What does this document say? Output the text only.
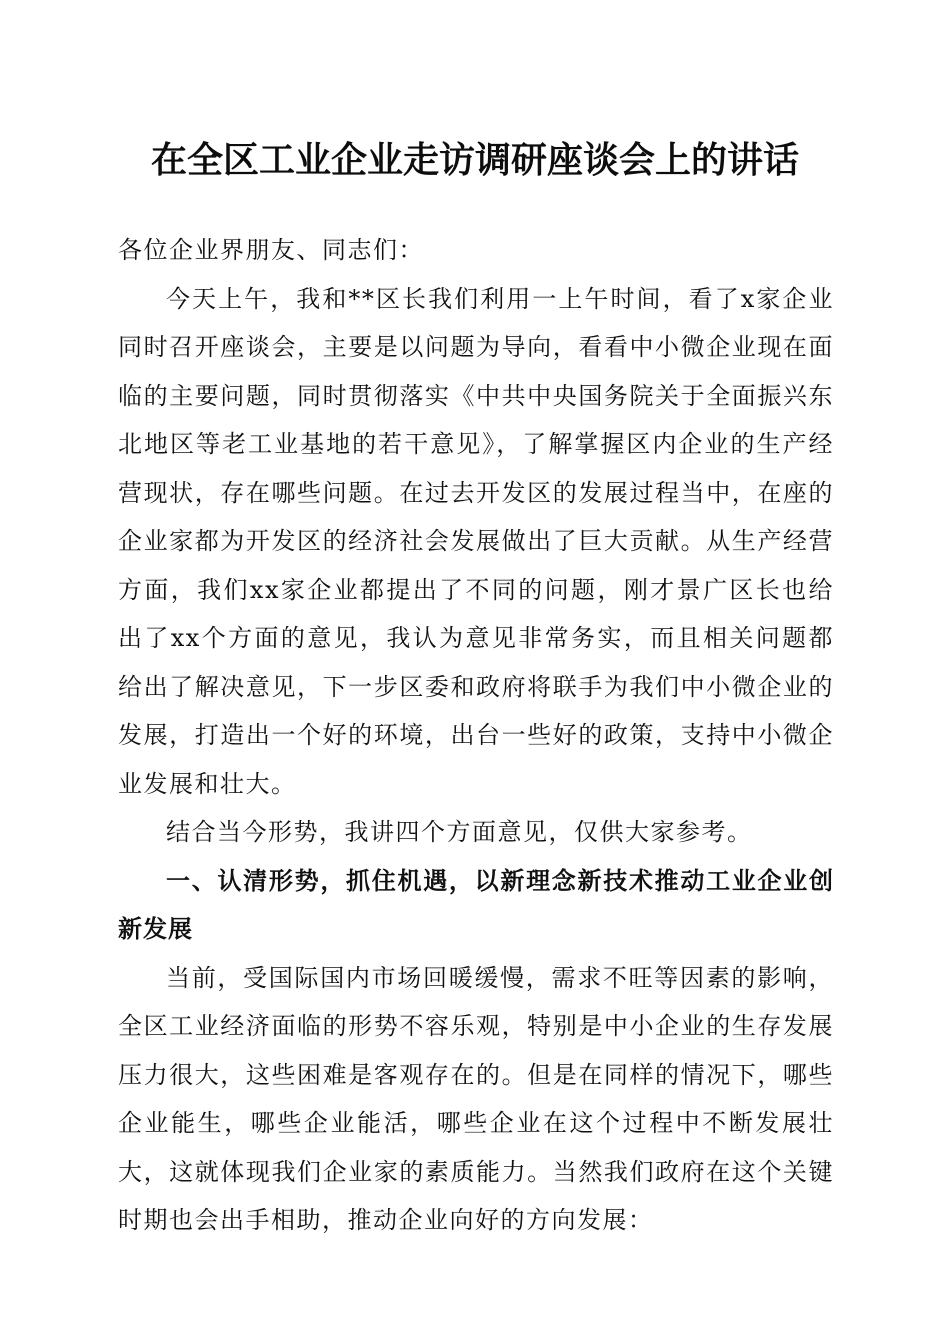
在全区工业企业走访调研座谈会上的讲话

各位企业界朋友、同志们：

今天上午，我和**区长我们利用一上午时间，看了x家企业同时召开座谈会，主要是以问题为导向，看看中小微企业现在面临的主要问题，同时贯彻落实《中共中央国务院关于全面振兴东北地区等老工业基地的若干意见》，了解掌握区内企业的生产经营现状，存在哪些问题。在过去开发区的发展过程当中，在座的企业家都为开发区的经济社会发展做出了巨大贡献。从生产经营方面，我们xx家企业都提出了不同的问题，刚才景广区长也给出了xx个方面的意见，我认为意见非常务实，而且相关问题都给出了解决意见，下一步区委和政府将联手为我们中小微企业的发展，打造出一个好的环境，出台一些好的政策，支持中小微企业发展和壮大。

结合当今形势，我讲四个方面意见，仅供大家参考。

一、认清形势，抓住机遇，以新理念新技术推动工业企业创新发展

当前，受国际国内市场回暖缓慢，需求不旺等因素的影响，全区工业经济面临的形势不容乐观，特别是中小企业的生存发展压力很大，这些困难是客观存在的。但是在同样的情况下，哪些企业能生，哪些企业能活，哪些企业在这个过程中不断发展壮大，这就体现我们企业家的素质能力。当然我们政府在这个关键时期也会出手相助，推动企业向好的方向发展：
